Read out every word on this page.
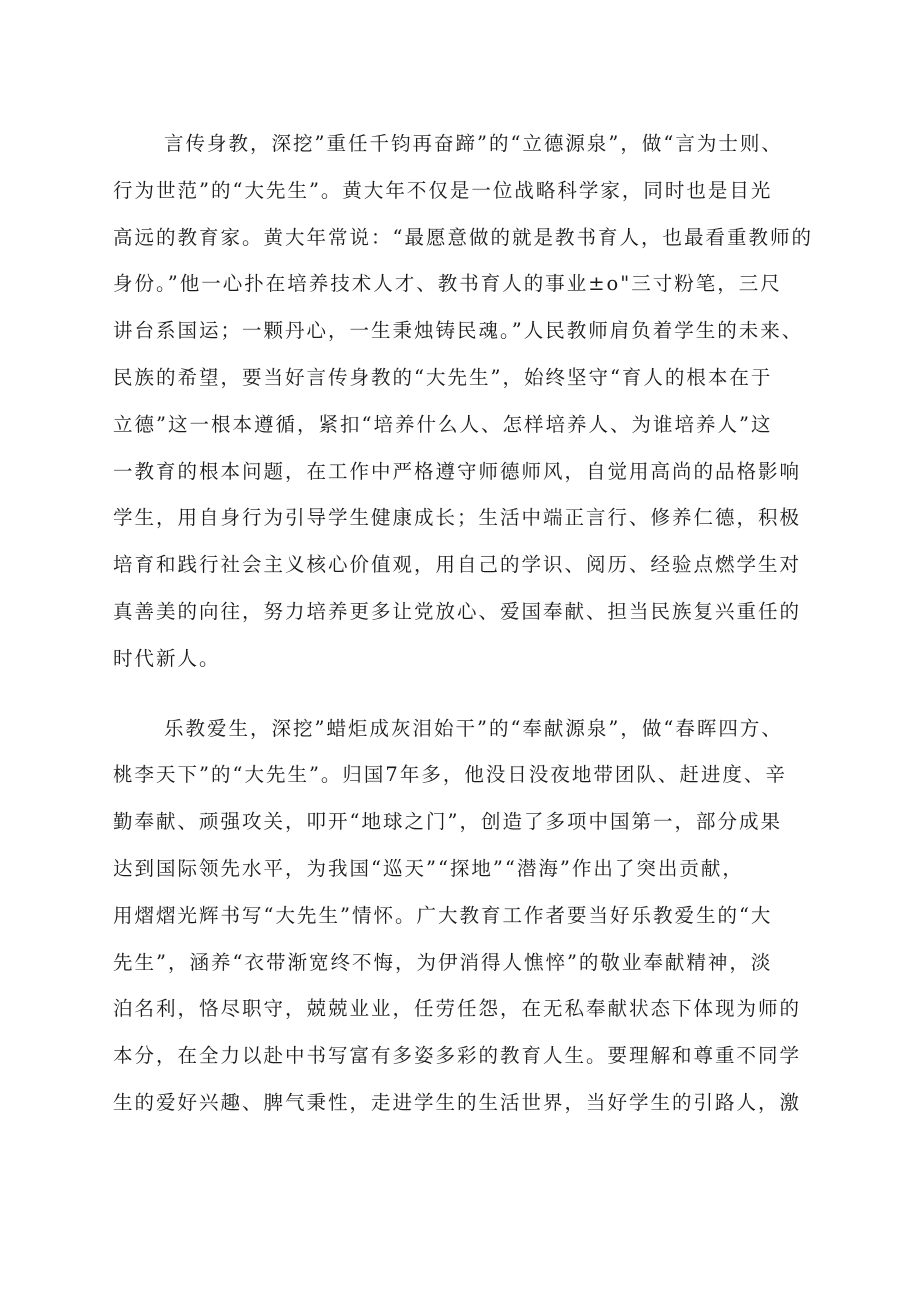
言传身教，深挖”重任千钧再奋蹄”的“立德源泉”，做“言为士则、
行为世范”的“大先生”。黄大年不仅是一位战略科学家，同时也是目光
高远的教育家。黄大年常说：“最愿意做的就是教书育人，也最看重教师的
身份。”他一心扑在培养技术人才、教书育人的事业±o"三寸粉笔，三尺
讲台系国运；一颗丹心，一生秉烛铸民魂。”人民教师肩负着学生的未来、
民族的希望，要当好言传身教的“大先生”，始终坚守“育人的根本在于
立德”这一根本遵循，紧扣“培养什么人、怎样培养人、为谁培养人”这
一教育的根本问题，在工作中严格遵守师德师风，自觉用高尚的品格影响
学生，用自身行为引导学生健康成长；生活中端正言行、修养仁德，积极
培育和践行社会主义核心价值观，用自己的学识、阅历、经验点燃学生对
真善美的向往，努力培养更多让党放心、爱国奉献、担当民族复兴重任的
时代新人。
乐教爱生，深挖”蜡炬成灰泪始干”的“奉献源泉”，做“春晖四方、
桃李天下”的“大先生”。归国7年多，他没日没夜地带团队、赶进度、辛
勤奉献、顽强攻关，叩开“地球之门”，创造了多项中国第一，部分成果
达到国际领先水平，为我国“巡天”“探地”“潜海”作出了突出贡献，
用熠熠光辉书写“大先生”情怀。广大教育工作者要当好乐教爱生的“大
先生”，涵养“衣带渐宽终不悔，为伊消得人憔悴”的敬业奉献精神，淡
泊名利，恪尽职守，兢兢业业，任劳任怨，在无私奉献状态下体现为师的
本分，在全力以赴中书写富有多姿多彩的教育人生。要理解和尊重不同学
生的爱好兴趣、脾气秉性，走进学生的生活世界，当好学生的引路人，激
